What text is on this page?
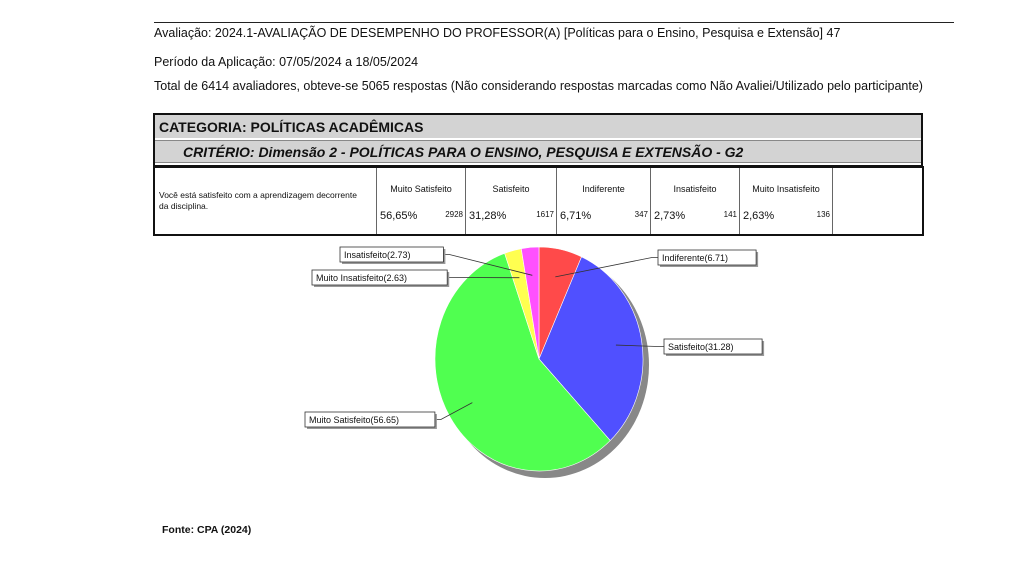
Avaliação: 2024.1-AVALIAÇÃO DE DESEMPENHO DO PROFESSOR(A) [Políticas para o Ensino, Pesquisa e Extensão] 47
Período da Aplicação: 07/05/2024 a 18/05/2024
Total de 6414 avaliadores, obteve-se 5065 respostas (Não considerando respostas marcadas como Não Avaliei/Utilizado pelo participante)
CATEGORIA: POLÍTICAS ACADÊMICAS
CRITÉRIO: Dimensão 2 - POLÍTICAS PARA O ENSINO, PESQUISA E EXTENSÃO - G2
Você está satisfeito com a aprendizagem decorrente da disciplina.
Muito Satisfeito
56,65%	2928
Satisfeito
31,28%	1617
Indiferente
6,71%	347
Insatisfeito
2,73%	141
Muito Insatisfeito
2,63%	136
Indiferente(6.71)
Satisfeito(31.28)
Muito Satisfeito(56.65)
Muito Insatisfeito(2.63)
Insatisfeito(2.73)
Fonte: CPA (2024)
